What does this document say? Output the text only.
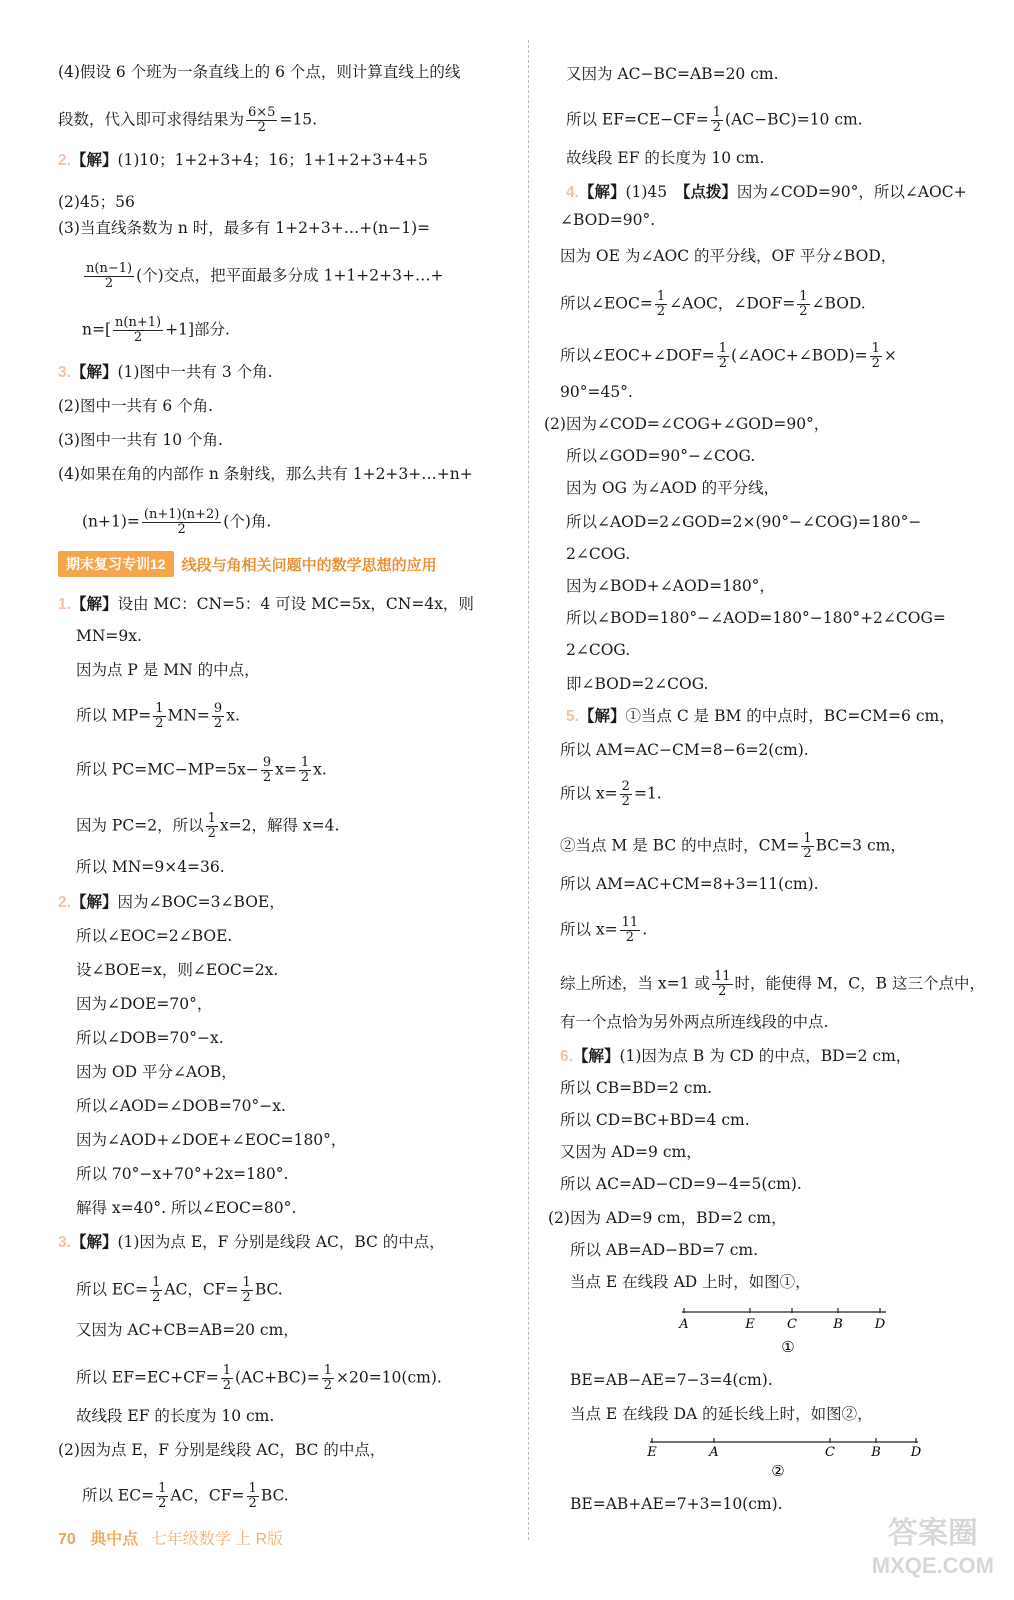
(4)假设 6 个班为一条直线上的 6 个点，则计算直线上的线
段数，代入即可求得结果为 $\frac{6\times 5}{2} =15$.
2.【解】(1)10；1+2+3+4；16；1+1+2+3+4+5
(2)45；56
(3)当直线条数为 n 时，最多有 1+2+3+…+(n−1)=
$\frac{n(n-1)}{2}$ (个)交点，把平面最多分成 1+1+2+3+…+
$n=[ \frac{n(n+1)}{2} +1]$部分.
3.【解】(1)图中一共有 3 个角.
(2)图中一共有 6 个角.
(3)图中一共有 10 个角.
(4)如果在角的内部作 n 条射线，那么共有 1+2+3+…+n+
$(n+1)= \frac{(n+1)(n+2)}{2}$ (个)角.
1.【解】设由 MC：CN=5：4 可设 MC=5x，CN=4x，则
MN=9x.
因为点 P 是 MN 的中点，
所以 $MP= \frac{1}{2} MN= \frac{9}{2} x$.
所以 $PC=MC-MP=5x- \frac{9}{2} x= \frac{1}{2} x$.
因为 PC=2，所以 $\frac{1}{2} x=2$，解得 x=4.
所以 MN=9×4=36.
2.【解】因为∠BOC=3∠BOE，
所以∠EOC=2∠BOE.
设∠BOE=x，则∠EOC=2x.
因为∠DOE=70°，
所以∠DOB=70°−x.
因为 OD 平分∠AOB，
所以∠AOD=∠DOB=70°−x.
因为∠AOD+∠DOE+∠EOC=180°，
所以 70°−x+70°+2x=180°.
解得 x=40°. 所以∠EOC=80°.
3.【解】(1)因为点 E，F 分别是线段 AC，BC 的中点，
所以 $EC= \frac{1}{2}$ AC，$CF= \frac{1}{2}$ BC.
又因为 AC+CB=AB=20 cm，
所以 $EF=EC+CF= \frac{1}{2} (AC+BC)= \frac{1}{2} \times 20=10(cm)$.
故线段 EF 的长度为 10 cm.
(2)因为点 E，F 分别是线段 AC，BC 的中点，
所以 $EC= \frac{1}{2}$ AC，$CF= \frac{1}{2}$ BC.
又因为 AC−BC=AB=20 cm.
所以 $EF=CE-CF= \frac{1}{2} (AC-BC)=10$ cm.
故线段 EF 的长度为 10 cm.
4.【解】(1)45　【点拨】因为∠COD=90°，所以∠AOC+
∠BOD=90°.
因为 OE 为∠AOC 的平分线，OF 平分∠BOD，
所以∠EOC= $\frac{1}{2}$ ∠AOC，∠DOF= $\frac{1}{2}$ ∠BOD.
所以∠EOC+∠DOF= $\frac{1}{2}$ (∠AOC+∠BOD)= $\frac{1}{2}$ ×
90°=45°.
(2)因为∠COD=∠COG+∠GOD=90°，
所以∠GOD=90°−∠COG.
因为 OG 为∠AOD 的平分线，
所以∠AOD=2∠GOD=2×(90°−∠COG)=180°−
2∠COG.
因为∠BOD+∠AOD=180°，
所以∠BOD=180°−∠AOD=180°−180°+2∠COG=
2∠COG.
即∠BOD=2∠COG.
5.【解】①当点 C 是 BM 的中点时，BC=CM=6 cm，
所以 AM=AC−CM=8−6=2(cm).
所以 $x= \frac{2}{2} =1$.
②当点 M 是 BC 的中点时，$CM= \frac{1}{2} BC=3$ cm，
所以 AM=AC+CM=8+3=11(cm).
所以 $x= \frac{11}{2}$ .
综上所述，当 x=1 或 $\frac{11}{2}$ 时，能使得 M，C，B 这三个点中，
有一个点恰为另外两点所连线段的中点.
6.【解】(1)因为点 B 为 CD 的中点，BD=2 cm，
所以 CB=BD=2 cm.
所以 CD=BC+BD=4 cm.
又因为 AD=9 cm，
所以 AC=AD−CD=9−4=5(cm).
(2)因为 AD=9 cm，BD=2 cm，
所以 AB=AD−BD=7 cm.
当点 E 在线段 AD 上时，如图①，
BE=AB−AE=7−3=4(cm).
当点 E 在线段 DA 的延长线上时，如图②，
BE=AB+AE=7+3=10(cm).
期末复习专训12	线段与角相关问题中的数学思想的应用
A	E C	B D
①
E	A	C	B D
②
70 典中点 七年级数学 上 R版	答案圈
MXQE.COM
